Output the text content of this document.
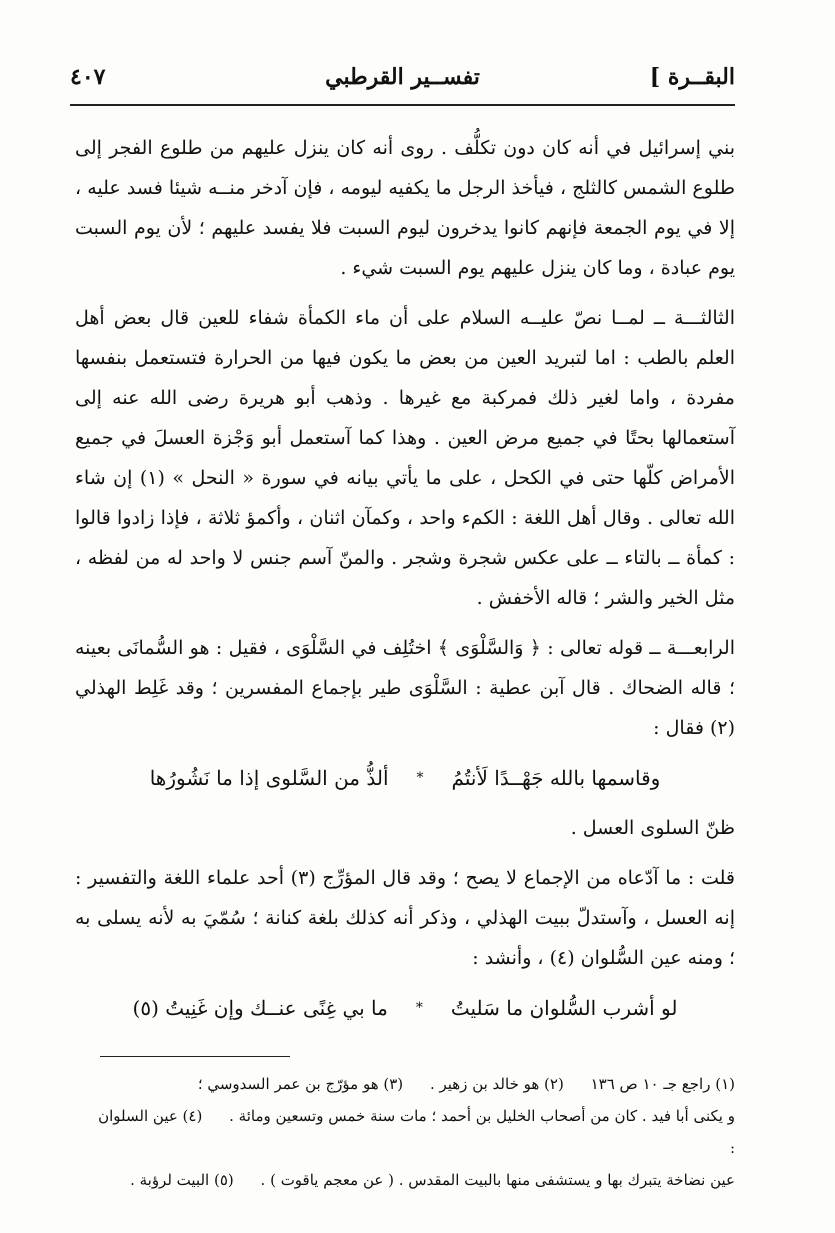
البقــرة ]
تفســير القرطبي
٤٠٧

بني إسرائيل في أنه كان دون تكلُّف . روى أنه كان ينزل عليهم من طلوع الفجر إلى طلوع الشمس كالثلج ، فيأخذ الرجل ما يكفيه ليومه ، فإن آدخر منــه شيئا فسد عليه ، إلا في يوم الجمعة فإنهم كانوا يدخرون ليوم السبت فلا يفسد عليهم ؛ لأن يوم السبت يوم عبادة ، وما كان ينزل عليهم يوم السبت شيء .

الثالثـــة ــ لمــا نصّ عليــه السلام على أن ماء الكمأة شفاء للعين قال بعض أهل العلم بالطب : اما لتبريد العين من بعض ما يكون فيها من الحرارة فتستعمل بنفسها مفردة ، واما لغير ذلك فمركبة مع غيرها . وذهب أبو هريرة رضى الله عنه إلى آستعمالها بحتًا في جميع مرض العين . وهذا كما آستعمل أبو وَجْزة العسلَ في جميع الأمراض كلّها حتى في الكحل ، على ما يأتي بيانه في سورة « النحل » (١) إن شاء الله تعالى . وقال أهل اللغة : الكمء واحد ، وكمآن اثنان ، وأكمؤ ثلاثة ، فإذا زادوا قالوا : كمأة ــ بالتاء ــ على عكس شجرة وشجر . والمنّ آسم جنس لا واحد له من لفظه ، مثل الخير والشر ؛ قاله الأخفش .

الرابعـــة ــ قوله تعالى : ﴿ وَالسَّلْوَى ﴾ اختُلِف في السَّلْوَى ، فقيل : هو السُّمانَى بعينه ؛ قاله الضحاك . قال آبن عطية : السَّلْوَى طير بإجماع المفسرين ؛ وقد غَلِط الهذلي (٢) فقال :

وقاسمها بالله جَهْــدًا لَأنتُمُ
*
ألذُّ من السَّلوى إذا ما نَشُورُها

ظنّ السلوى العسل .

قلت : ما آدّعاه من الإجماع لا يصح ؛ وقد قال المؤرِّج (٣) أحد علماء اللغة والتفسير : إنه العسل ، وآستدلّ ببيت الهذلي ، وذكر أنه كذلك بلغة كنانة ؛ سُمّيَ به لأنه يسلى به ؛ ومنه عين السُّلوان (٤) ، وأنشد :

لو أشرب السُّلوان ما سَليتُ
*
ما بي غِنًى عنــك وإن غَنِيتُ (٥)

(١) راجع جـ ١٠ ص ١٣٦ (٢) هو خالد بن زهير . (٣) هو مؤرّج بن عمر السدوسي ؛

و يكنى أبا فيد . كان من أصحاب الخليل بن أحمد ؛ مات سنة خمس وتسعين ومائة . (٤) عين السلوان :

عين نضاخة يتبرك بها و يستشفى منها بالبيت المقدس . ( عن معجم ياقوت ) . (٥) البيت لرؤبة .
